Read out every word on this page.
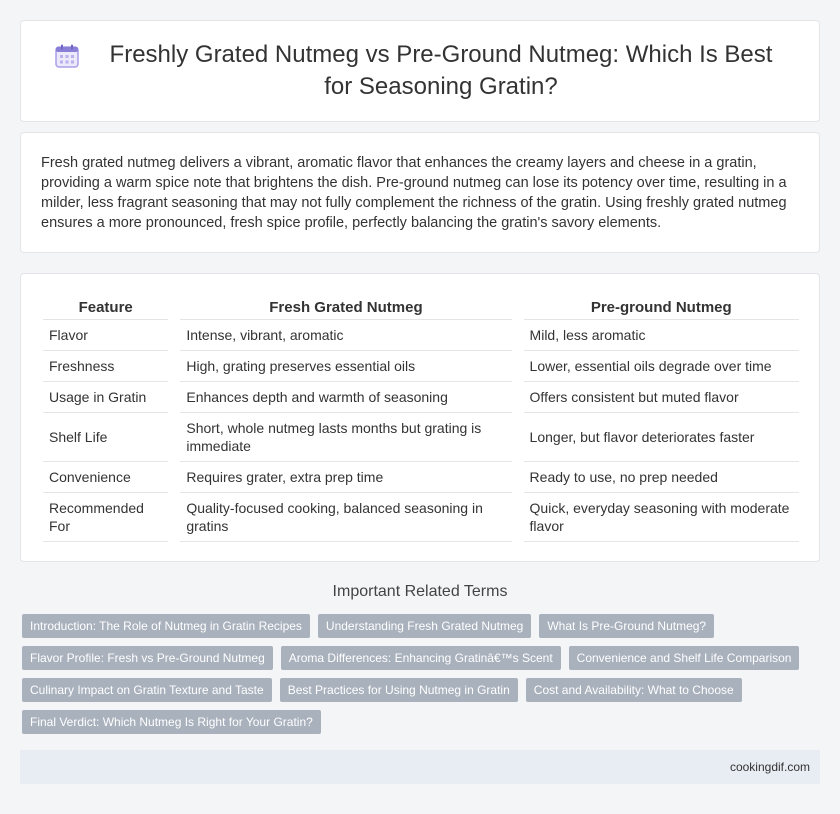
Freshly Grated Nutmeg vs Pre-Ground Nutmeg: Which Is Best for Seasoning Gratin?

Fresh grated nutmeg delivers a vibrant, aromatic flavor that enhances the creamy layers and cheese in a gratin, providing a warm spice note that brightens the dish. Pre-ground nutmeg can lose its potency over time, resulting in a milder, less fragrant seasoning that may not fully complement the richness of the gratin. Using freshly grated nutmeg ensures a more pronounced, fresh spice profile, perfectly balancing the gratin's savory elements.

Feature		Fresh Grated Nutmeg		Pre-ground Nutmeg
Flavor		Intense, vibrant, aromatic		Mild, less aromatic
Freshness		High, grating preserves essential oils		Lower, essential oils degrade over time
Usage in Gratin		Enhances depth and warmth of seasoning		Offers consistent but muted flavor
Shelf Life		Short, whole nutmeg lasts months but grating is immediate		Longer, but flavor deteriorates faster
Convenience		Requires grater, extra prep time		Ready to use, no prep needed
Recommended For		Quality-focused cooking, balanced seasoning in gratins		Quick, everyday seasoning with moderate flavor
Important Related Terms
Introduction: The Role of Nutmeg in Gratin Recipes	Understanding Fresh Grated Nutmeg	What Is Pre-Ground Nutmeg?
Flavor Profile: Fresh vs Pre-Ground Nutmeg	Aroma Differences: Enhancing Gratinâ€™s Scent	Convenience and Shelf Life Comparison
Culinary Impact on Gratin Texture and Taste	Best Practices for Using Nutmeg in Gratin	Cost and Availability: What to Choose
Final Verdict: Which Nutmeg Is Right for Your Gratin?
cookingdif.com
